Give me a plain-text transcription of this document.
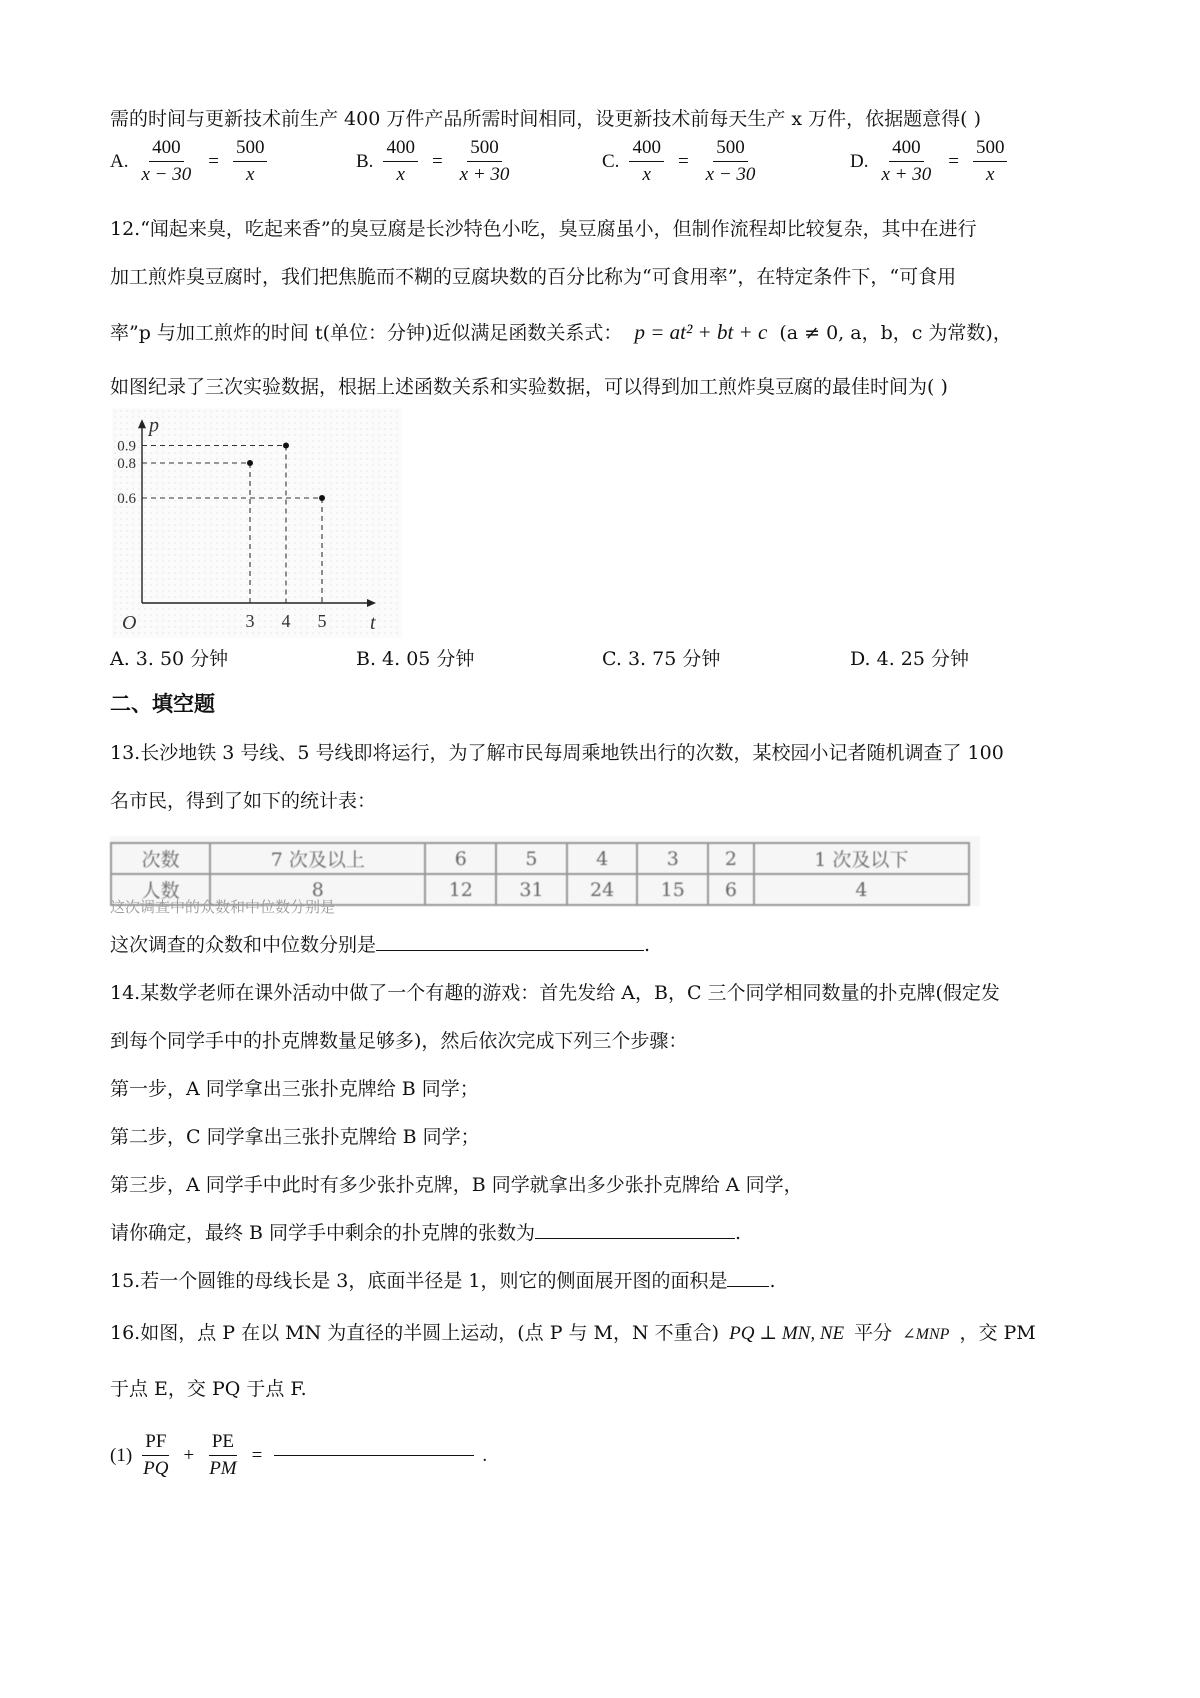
需的时间与更新技术前生产 400 万件产品所需时间相同，设更新技术前每天生产 x 万件，依据题意得( )
A. $\frac{400}{x - 30} = \frac{500}{x}$	B. $\frac{400}{x} = \frac{500}{x + 30}$	C. $\frac{400}{x} = \frac{500}{x - 30}$	D. $\frac{400}{x + 30} = \frac{500}{x}$
12.“闻起来臭，吃起来香”的臭豆腐是长沙特色小吃，臭豆腐虽小，但制作流程却比较复杂，其中在进行
加工煎炸臭豆腐时，我们把焦脆而不糊的豆腐块数的百分比称为“可食用率”，在特定条件下，“可食用
率”p 与加工煎炸的时间 t(单位：分钟)近似满足函数关系式： p = at² + bt + c (a ≠ 0, a，b，c 为常数)，
如图纪录了三次实验数据，根据上述函数关系和实验数据，可以得到加工煎炸臭豆腐的最佳时间为( )
t
p
O	3 4 5
0.9
0.8
0.6
A. 3. 50 分钟	B. 4. 05 分钟	C. 3. 75 分钟	D. 4. 25 分钟
二、填空题
13.长沙地铁 3 号线、5 号线即将运行，为了解市民每周乘地铁出行的次数，某校园小记者随机调查了 100
名市民，得到了如下的统计表：
次数	7 次及以上	6	5	4	3	2	1 次及以下
人数	8	12	31	24	15	6	4
这次调查中的众数和中位数分别是
这次调查的众数和中位数分别是	.
14.某数学老师在课外活动中做了一个有趣的游戏：首先发给 A，B，C 三个同学相同数量的扑克牌(假定发
到每个同学手中的扑克牌数量足够多)，然后依次完成下列三个步骤：
第一步，A 同学拿出三张扑克牌给 B 同学；
第二步，C 同学拿出三张扑克牌给 B 同学；
第三步，A 同学手中此时有多少张扑克牌，B 同学就拿出多少张扑克牌给 A 同学，
请你确定，最终 B 同学手中剩余的扑克牌的张数为	.
15.若一个圆锥的母线长是 3，底面半径是 1，则它的侧面展开图的面积是 .
16.如图，点 P 在以 MN 为直径的半圆上运动，(点 P 与 M，N 不重合) PQ ⊥ MN, NE 平分 ∠MNP ，交 PM
于点 E，交 PQ 于点 F.
$(1) \frac{PF}{PQ} + \frac{PE}{PM}$ =	.
